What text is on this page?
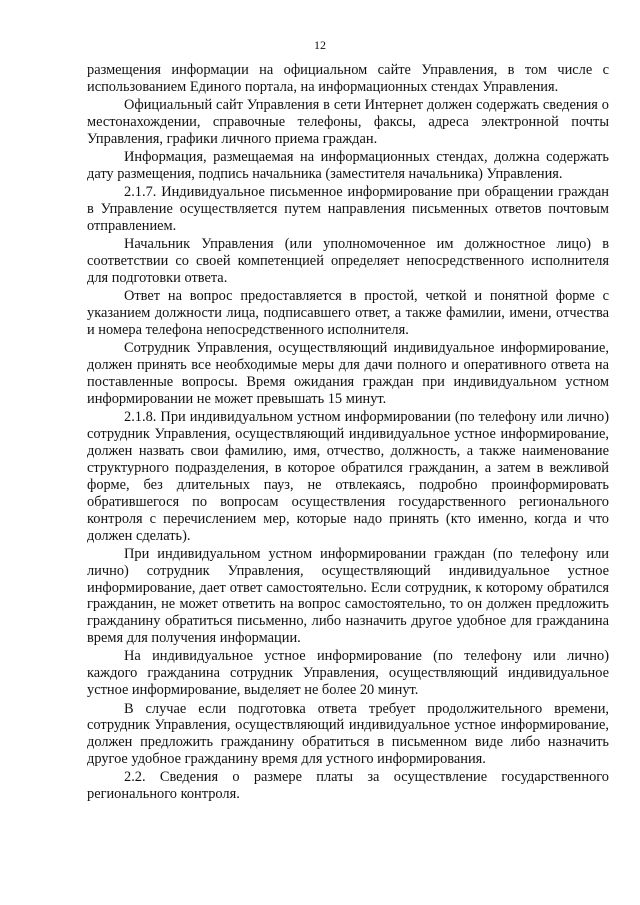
12

размещения информации на официальном сайте Управления, в том числе с использованием Единого портала, на информационных стендах Управления.

Официальный сайт Управления в сети Интернет должен содержать сведения о местонахождении, справочные телефоны, факсы, адреса электронной почты Управления, графики личного приема граждан.

Информация, размещаемая на информационных стендах, должна содержать дату размещения, подпись начальника (заместителя начальника) Управления.

2.1.7. Индивидуальное письменное информирование при обращении граждан в Управление осуществляется путем направления письменных ответов почтовым отправлением.

Начальник Управления (или уполномоченное им должностное лицо) в соответствии со своей компетенцией определяет непосредственного исполнителя для подготовки ответа.

Ответ на вопрос предоставляется в простой, четкой и понятной форме с указанием должности лица, подписавшего ответ, а также фамилии, имени, отчества и номера телефона непосредственного исполнителя.

Сотрудник Управления, осуществляющий индивидуальное информирование, должен принять все необходимые меры для дачи полного и оперативного ответа на поставленные вопросы. Время ожидания граждан при индивидуальном устном информировании не может превышать 15 минут.

2.1.8. При индивидуальном устном информировании (по телефону или лично) сотрудник Управления, осуществляющий индивидуальное устное информирование, должен назвать свои фамилию, имя, отчество, должность, а также наименование структурного подразделения, в которое обратился гражданин, а затем в вежливой форме, без длительных пауз, не отвлекаясь, подробно проинформировать обратившегося по вопросам осуществления государственного регионального контроля с перечислением мер, которые надо принять (кто именно, когда и что должен сделать).

При индивидуальном устном информировании граждан (по телефону или лично) сотрудник Управления, осуществляющий индивидуальное устное информирование, дает ответ самостоятельно. Если сотрудник, к которому обратился гражданин, не может ответить на вопрос самостоятельно, то он должен предложить гражданину обратиться письменно, либо назначить другое удобное для гражданина время для получения информации.

На индивидуальное устное информирование (по телефону или лично) каждого гражданина сотрудник Управления, осуществляющий индивидуальное устное информирование, выделяет не более 20 минут.

В случае если подготовка ответа требует продолжительного времени, сотрудник Управления, осуществляющий индивидуальное устное информирование, должен предложить гражданину обратиться в письменном виде либо назначить другое удобное гражданину время для устного информирования.

2.2. Сведения о размере платы за осуществление государственного регионального контроля.
